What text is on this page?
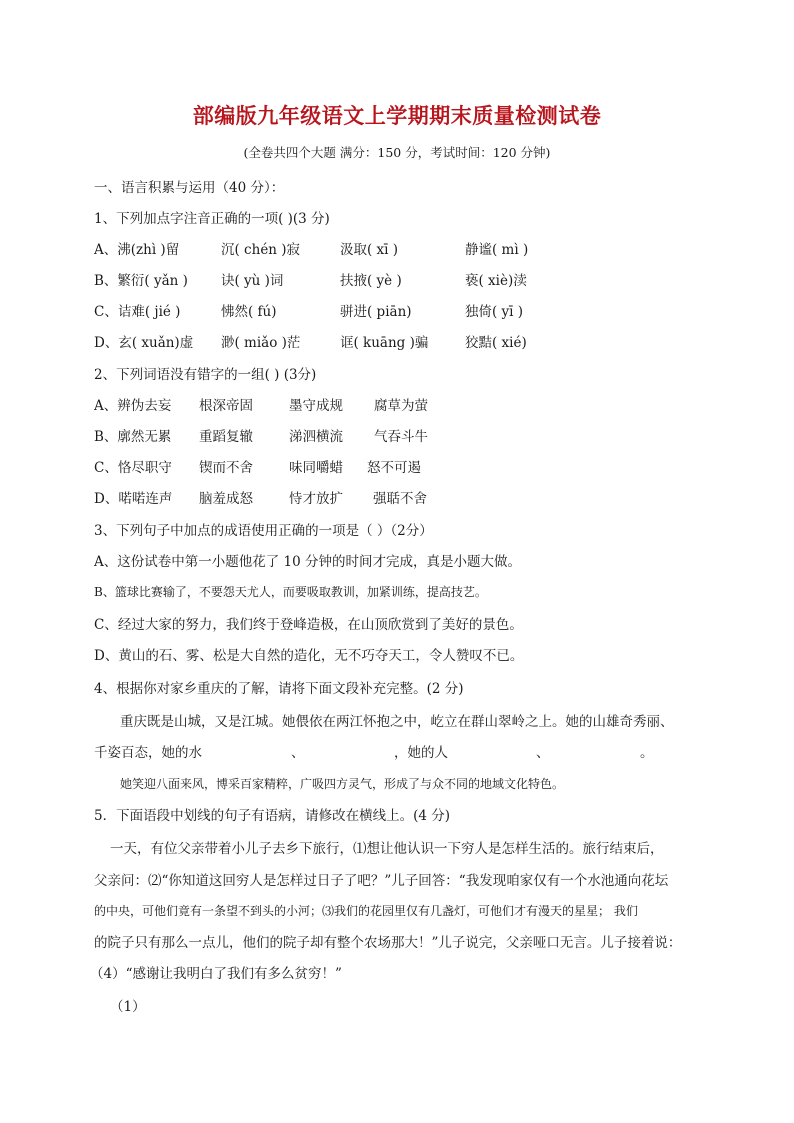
部编版九年级语文上学期期末质量检测试卷
(全卷共四个大题 满分：150 分，考试时间：120 分钟)
一、语言积累与运用（40 分）：
1、下列加点字注音正确的一项( )(3 分)
A、沸(zhì )留	沉( chén )寂	汲取( xī )	静谧( mì )
B、繁衍( yǎn ) 诀( yù )词	扶掖( yè )	亵( xiè)渎
C、诘难( jié )	怫然( fú)	骈进( piān)	独倚( yī )
D、玄( xuǎn)虚 渺( miǎo )茫	诓( kuāng )骗	狡黠( xié)
2、下列词语没有错字的一组( ) (3分)
A、辨伪去妄 根深帝固	墨守成规 腐草为萤
B、廓然无累 重蹈复辙	涕泗横流 气吞斗牛
C、恪尽职守 锲而不舍	味同嚼蜡 怒不可遏
D、喏喏连声 脑羞成怒	恃才放扩 强聒不舍
3、下列句子中加点的成语使用正确的一项是（ ）（2分）
A、这份试卷中第一小题他花了 10 分钟的时间才完成，真是小题大做。
B、篮球比赛输了，不要怨天尤人，而要吸取教训，加紧训练，提高技艺。
C、经过大家的努力，我们终于登峰造极，在山顶欣赏到了美好的景色。
D、黄山的石、雾、松是大自然的造化，无不巧夺天工，令人赞叹不已。
4、根据你对家乡重庆的了解，请将下面文段补充完整。(2 分)
重庆既是山城，又是江城。她偎依在两江怀抱之中，屹立在群山翠岭之上。她的山雄奇秀丽、
千姿百态，她的水	、	，她的人	、	。
她笑迎八面来风，博采百家精粹，广吸四方灵气，形成了与众不同的地域文化特色。
5．下面语段中划线的句子有语病，请修改在横线上。(4 分)
一天，有位父亲带着小儿子去乡下旅行，⑴想让他认识一下穷人是怎样生活的。旅行结束后，
父亲问：⑵“你知道这回穷人是怎样过日子了吧？”儿子回答：“我发现咱家仅有一个水池通向花坛
的中央，可他们竟有一条望不到头的小河；⑶我们的花园里仅有几盏灯，可他们才有漫天的星星； 我们
的院子只有那么一点儿，他们的院子却有整个农场那大！”儿子说完，父亲哑口无言。儿子接着说：
（4）“感谢让我明白了我们有多么贫穷！”
（1）
